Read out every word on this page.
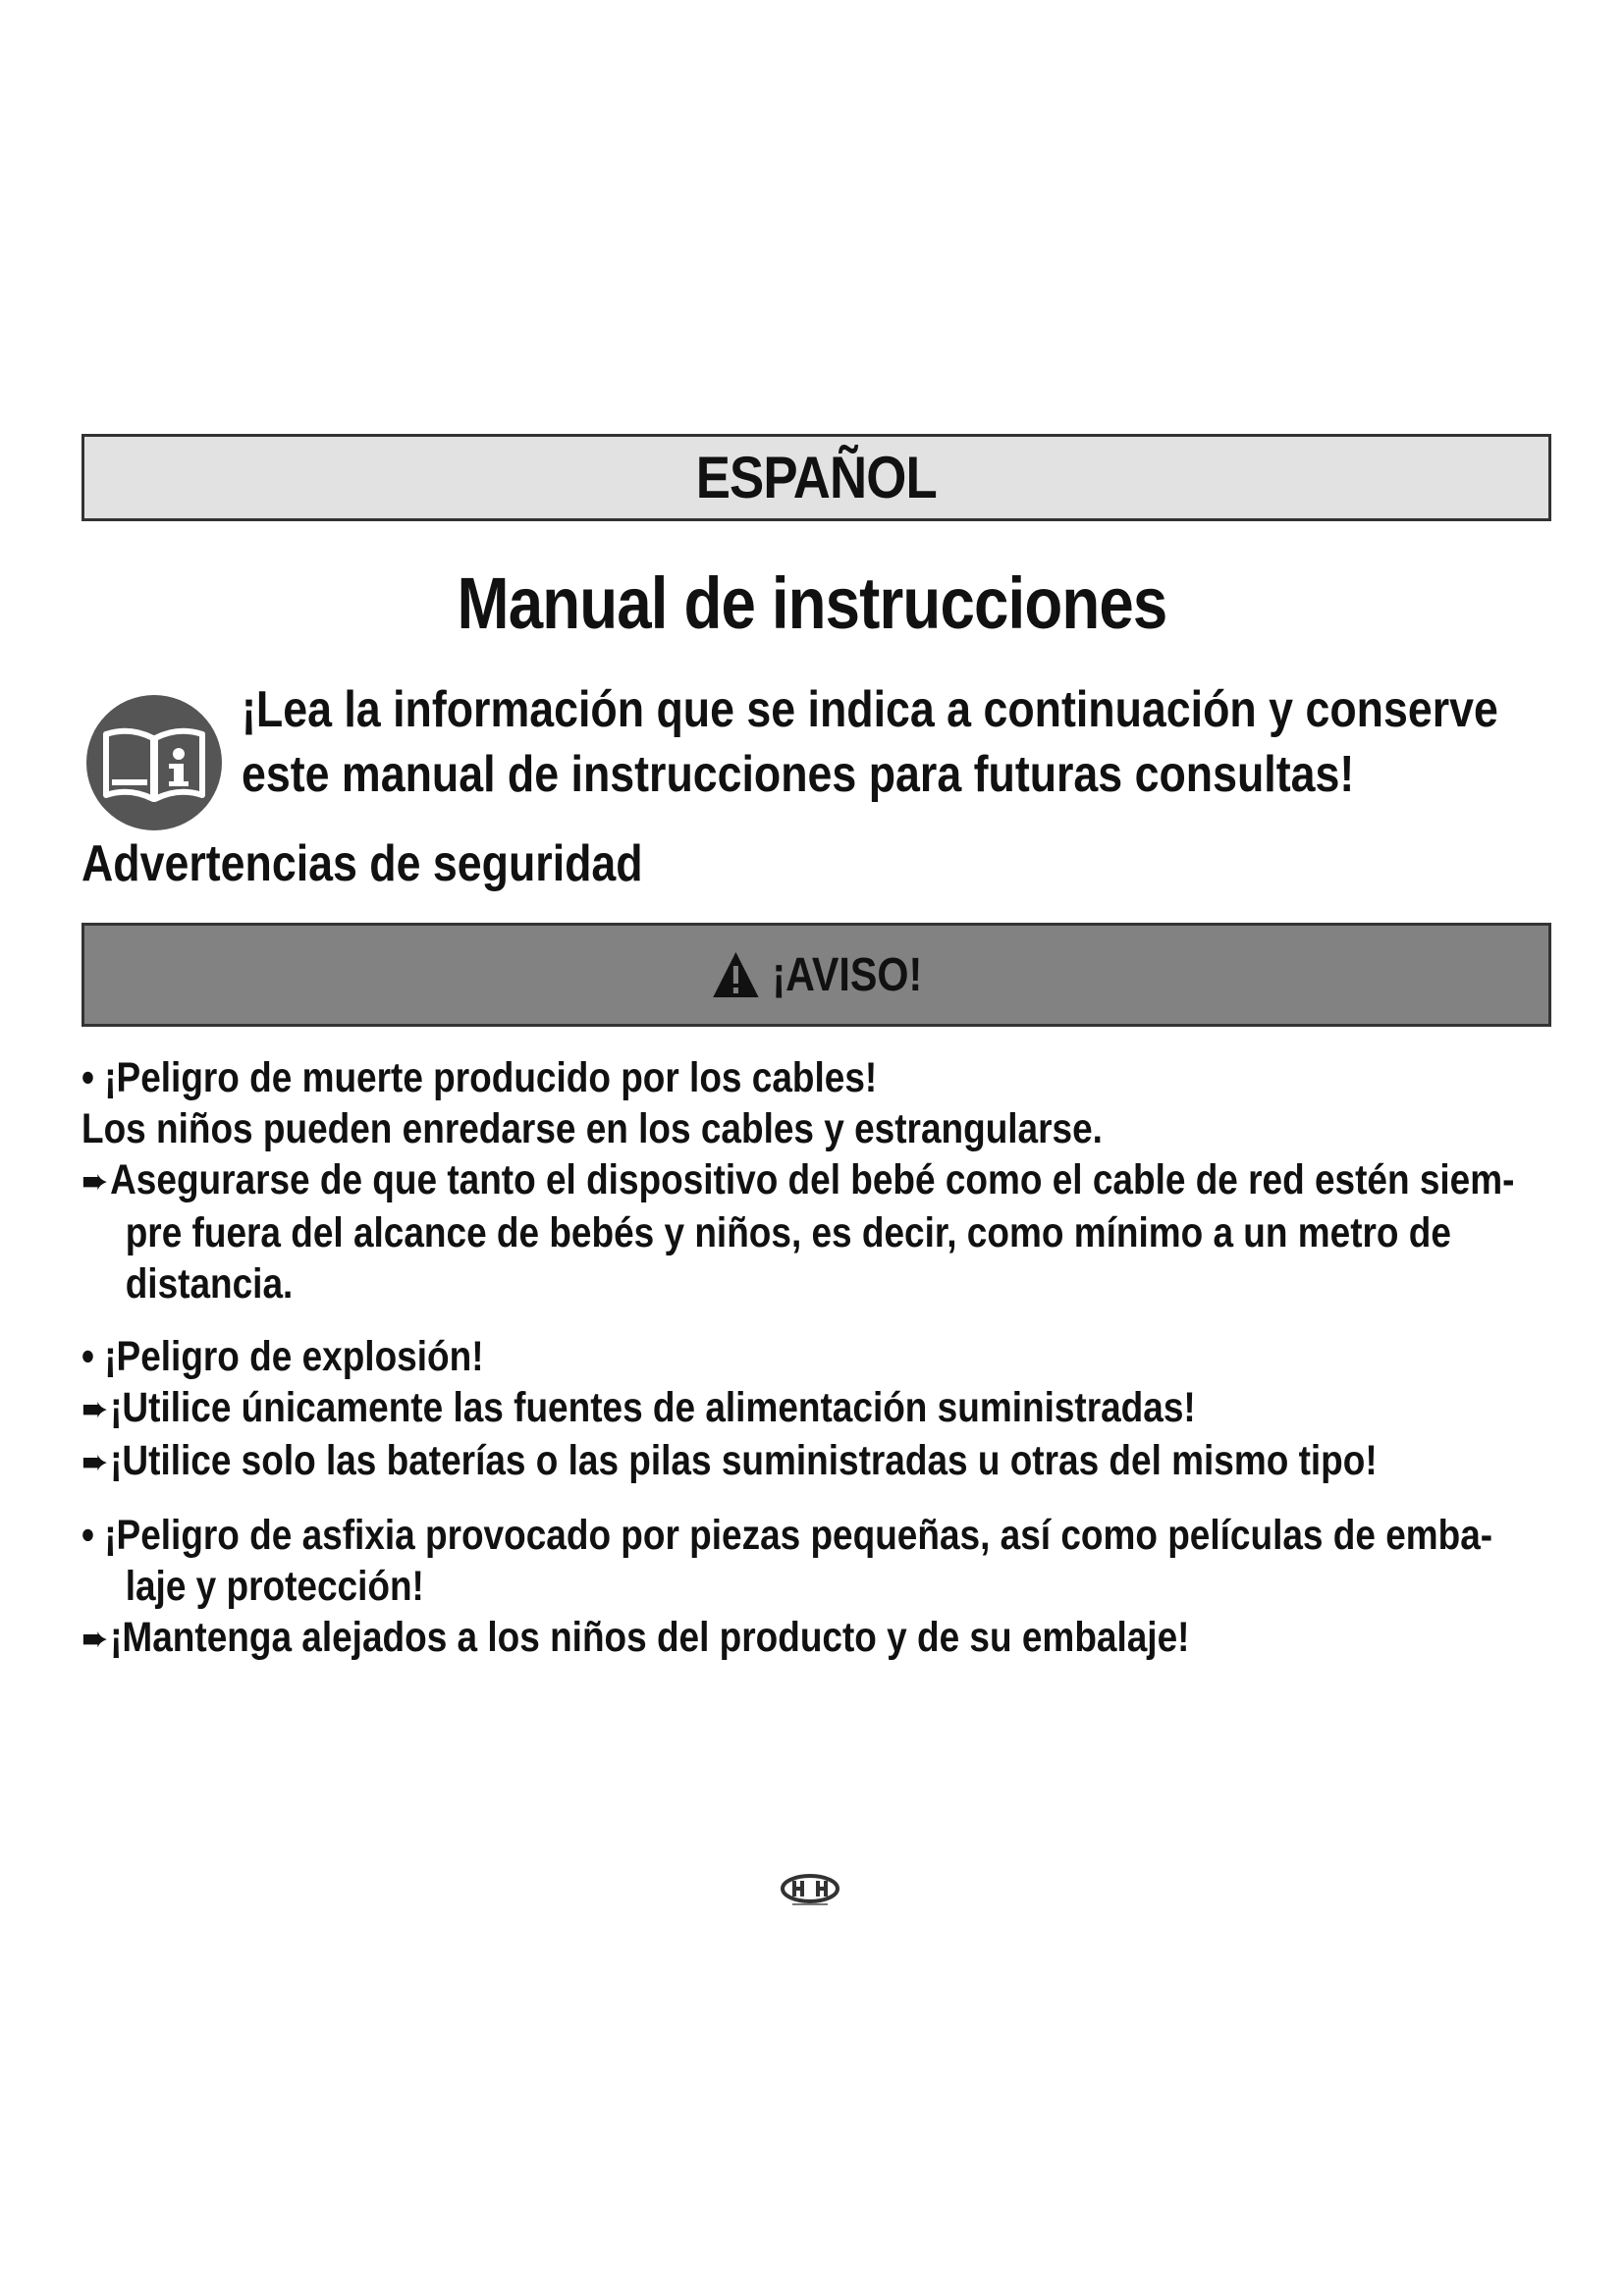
ESPAÑOL
Manual de instrucciones
¡Lea la información que se indica a continuación y conserve
este manual de instrucciones para futuras consultas!
Advertencias de seguridad
¡AVISO!
• ¡Peligro de muerte producido por los cables!
Los niños pueden enredarse en los cables y estrangularse.
➨Asegurarse de que tanto el dispositivo del bebé como el cable de red estén siem-
pre fuera del alcance de bebés y niños, es decir, como mínimo a un metro de
distancia.
• ¡Peligro de explosión!
➨¡Utilice únicamente las fuentes de alimentación suministradas!
➨¡Utilice solo las baterías o las pilas suministradas u otras del mismo tipo!
• ¡Peligro de asfixia provocado por piezas pequeñas, así como películas de emba-
laje y protección!
➨¡Mantenga alejados a los niños del producto y de su embalaje!
